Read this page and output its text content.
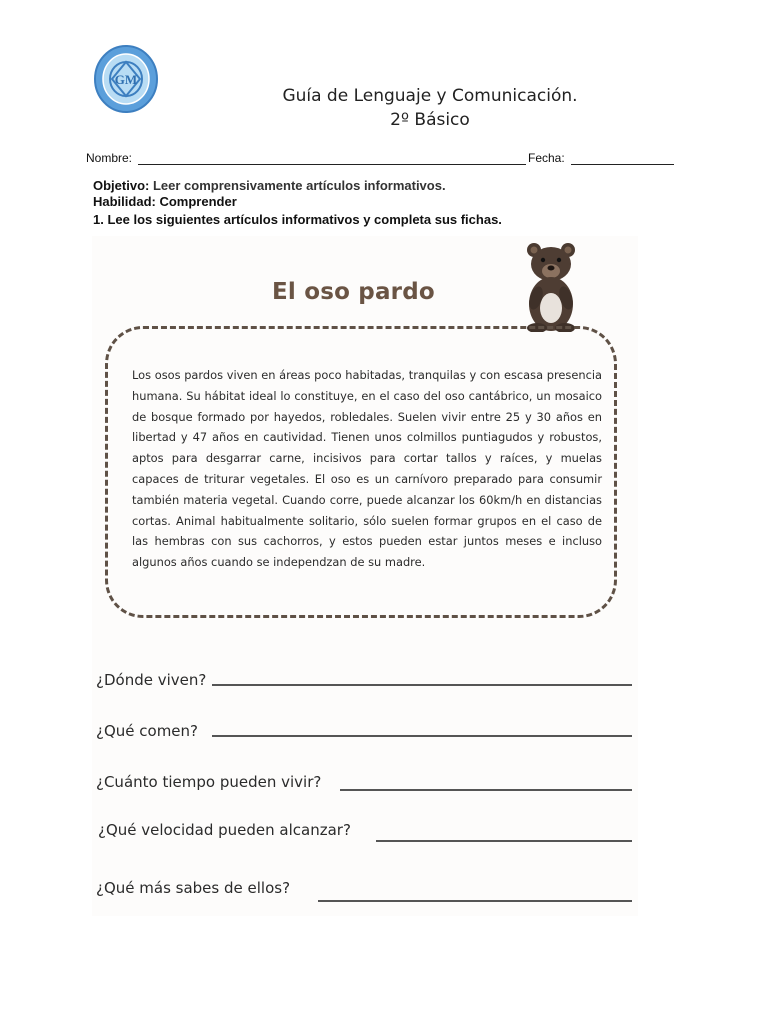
GM
Guía de Lenguaje y Comunicación.
2º Básico
Nombre:	Fecha:
Objetivo: Leer comprensivamente artículos informativos.
Habilidad: Comprender
1. Lee los siguientes artículos informativos y completa sus fichas.
El oso pardo

Los osos pardos viven en áreas poco habitadas, tranquilas y con escasa presencia humana. Su hábitat ideal lo constituye, en el caso del oso cantábrico, un mosaico de bosque formado por hayedos, robledales. Suelen vivir entre 25 y 30 años en libertad y 47 años en cautividad. Tienen unos colmillos puntiagudos y robustos, aptos para desgarrar carne, incisivos para cortar tallos y raíces, y muelas capaces de triturar vegetales. El oso es un carnívoro preparado para consumir también materia vegetal. Cuando corre, puede alcanzar los 60km/h en distancias cortas. Animal habitualmente solitario, sólo suelen formar grupos en el caso de las hembras con sus cachorros, y estos pueden estar juntos meses e incluso algunos años cuando se independzan de su madre.

¿Dónde viven?
¿Qué comen?
¿Cuánto tiempo pueden vivir?
¿Qué velocidad pueden alcanzar?
¿Qué más sabes de ellos?
